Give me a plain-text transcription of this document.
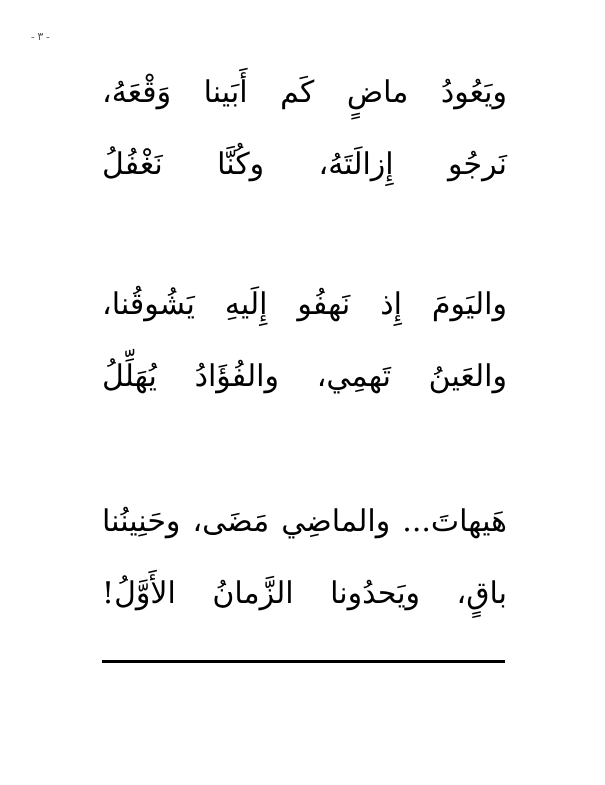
- ٣ -
ويَعُودُ
ماضٍ
كَم
أَبَينا
وَقْعَهُ،
نَرجُو
إِزالَتَهُ،
وكُنَّا
نَغْفُلُ
واليَومَ
إِذ
نَهفُو
إِلَيهِ
يَشُوقُنا،
والعَينُ
تَهمِي،
والفُؤَادُ
يُهَلِّلُ
هَيهاتَ...
والماضِي
مَضَى،
وحَنِينُنا
باقٍ،
ويَحدُونا
الزَّمانُ
الأَوَّلُ!
